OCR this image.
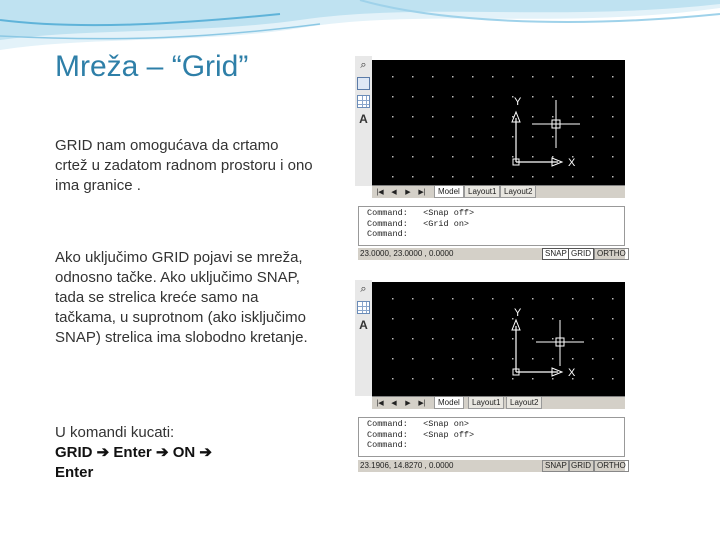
Mreža – “Grid”
GRID nam omogućava da crtamo crtež u zadatom radnom prostoru i ono ima granice .
Ako uključimo GRID pojavi se mreža, odnosno tačke. Ako uključimo SNAP, tada se strelica kreće samo na tačkama, u suprotnom (ako isključimo SNAP) strelica ima slobodno kretanje.
U komandi kucati:
GRID ➔ Enter ➔ ON ➔
Enter
⌕
A
Y
X
|◀ ◀ ▶ ▶|	Model	Layout1 Layout2
Command: <Snap off>
Command: <Grid on>
Command:
23.0000, 23.0000 , 0.0000	SNAP GRID ORTHO
⌕
A
Y
X
|◀ ◀ ▶ ▶|	Model	Layout1	Layout2
Command: <Snap on>
Command: <Snap off>
Command:
23.1906, 14.8270 , 0.0000	SNAP GRID ORTHO
